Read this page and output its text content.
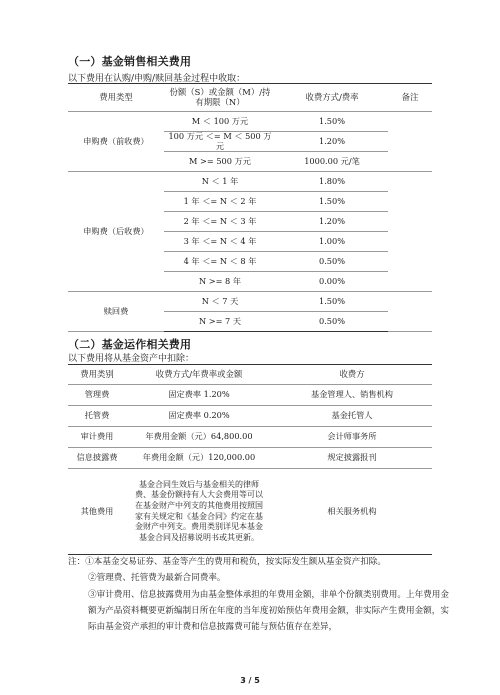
（一）基金销售相关费用
以下费用在认购/申购/赎回基金过程中收取：
费用类型	份额（S）或金额（M）/持有期限（N）	收费方式/费率	备注
申购费（前收费）	M ＜ 100 万元	1.50%	
	100 万元 ＜= M ＜ 500 万元	1.20%	
	M >= 500 万元	1000.00 元/笔	
申购费（后收费）	N ＜ 1 年	1.80%	
	1 年 ＜= N ＜ 2 年	1.50%	
	2 年 ＜= N ＜ 3 年	1.20%	
	3 年 ＜= N ＜ 4 年	1.00%	
	4 年 ＜= N ＜ 8 年	0.50%	
	N >= 8 年	0.00%	
赎回费	N ＜ 7 天	1.50%	
	N >= 7 天	0.50%	
（二）基金运作相关费用
以下费用将从基金资产中扣除：
费用类别	收费方式/年费率或金额	收费方
管理费	固定费率 1.20%	基金管理人、销售机构
托管费	固定费率 0.20%	基金托管人
审计费用	年费用金额（元）64,800.00	会计师事务所
信息披露费	年费用金额（元）120,000.00	规定披露报刊
其他费用	基金合同生效后与基金相关的律师费、基金份额持有人大会费用等可以在基金财产中列支的其他费用按照国家有关规定和《基金合同》约定在基金财产中列支。费用类别详见本基金基金合同及招募说明书或其更新。	相关服务机构

注：①本基金交易证券、基金等产生的费用和税负，按实际发生额从基金资产扣除。

②管理费、托管费为最新合同费率。

③审计费用、信息披露费用为由基金整体承担的年费用金额，非单个份额类别费用。上年费用金额为产品资料概要更新编制日所在年度的当年度初始预估年费用金额，非实际产生费用金额，实际由基金资产承担的审计费和信息披露费可能与预估值存在差异，

3 / 5
